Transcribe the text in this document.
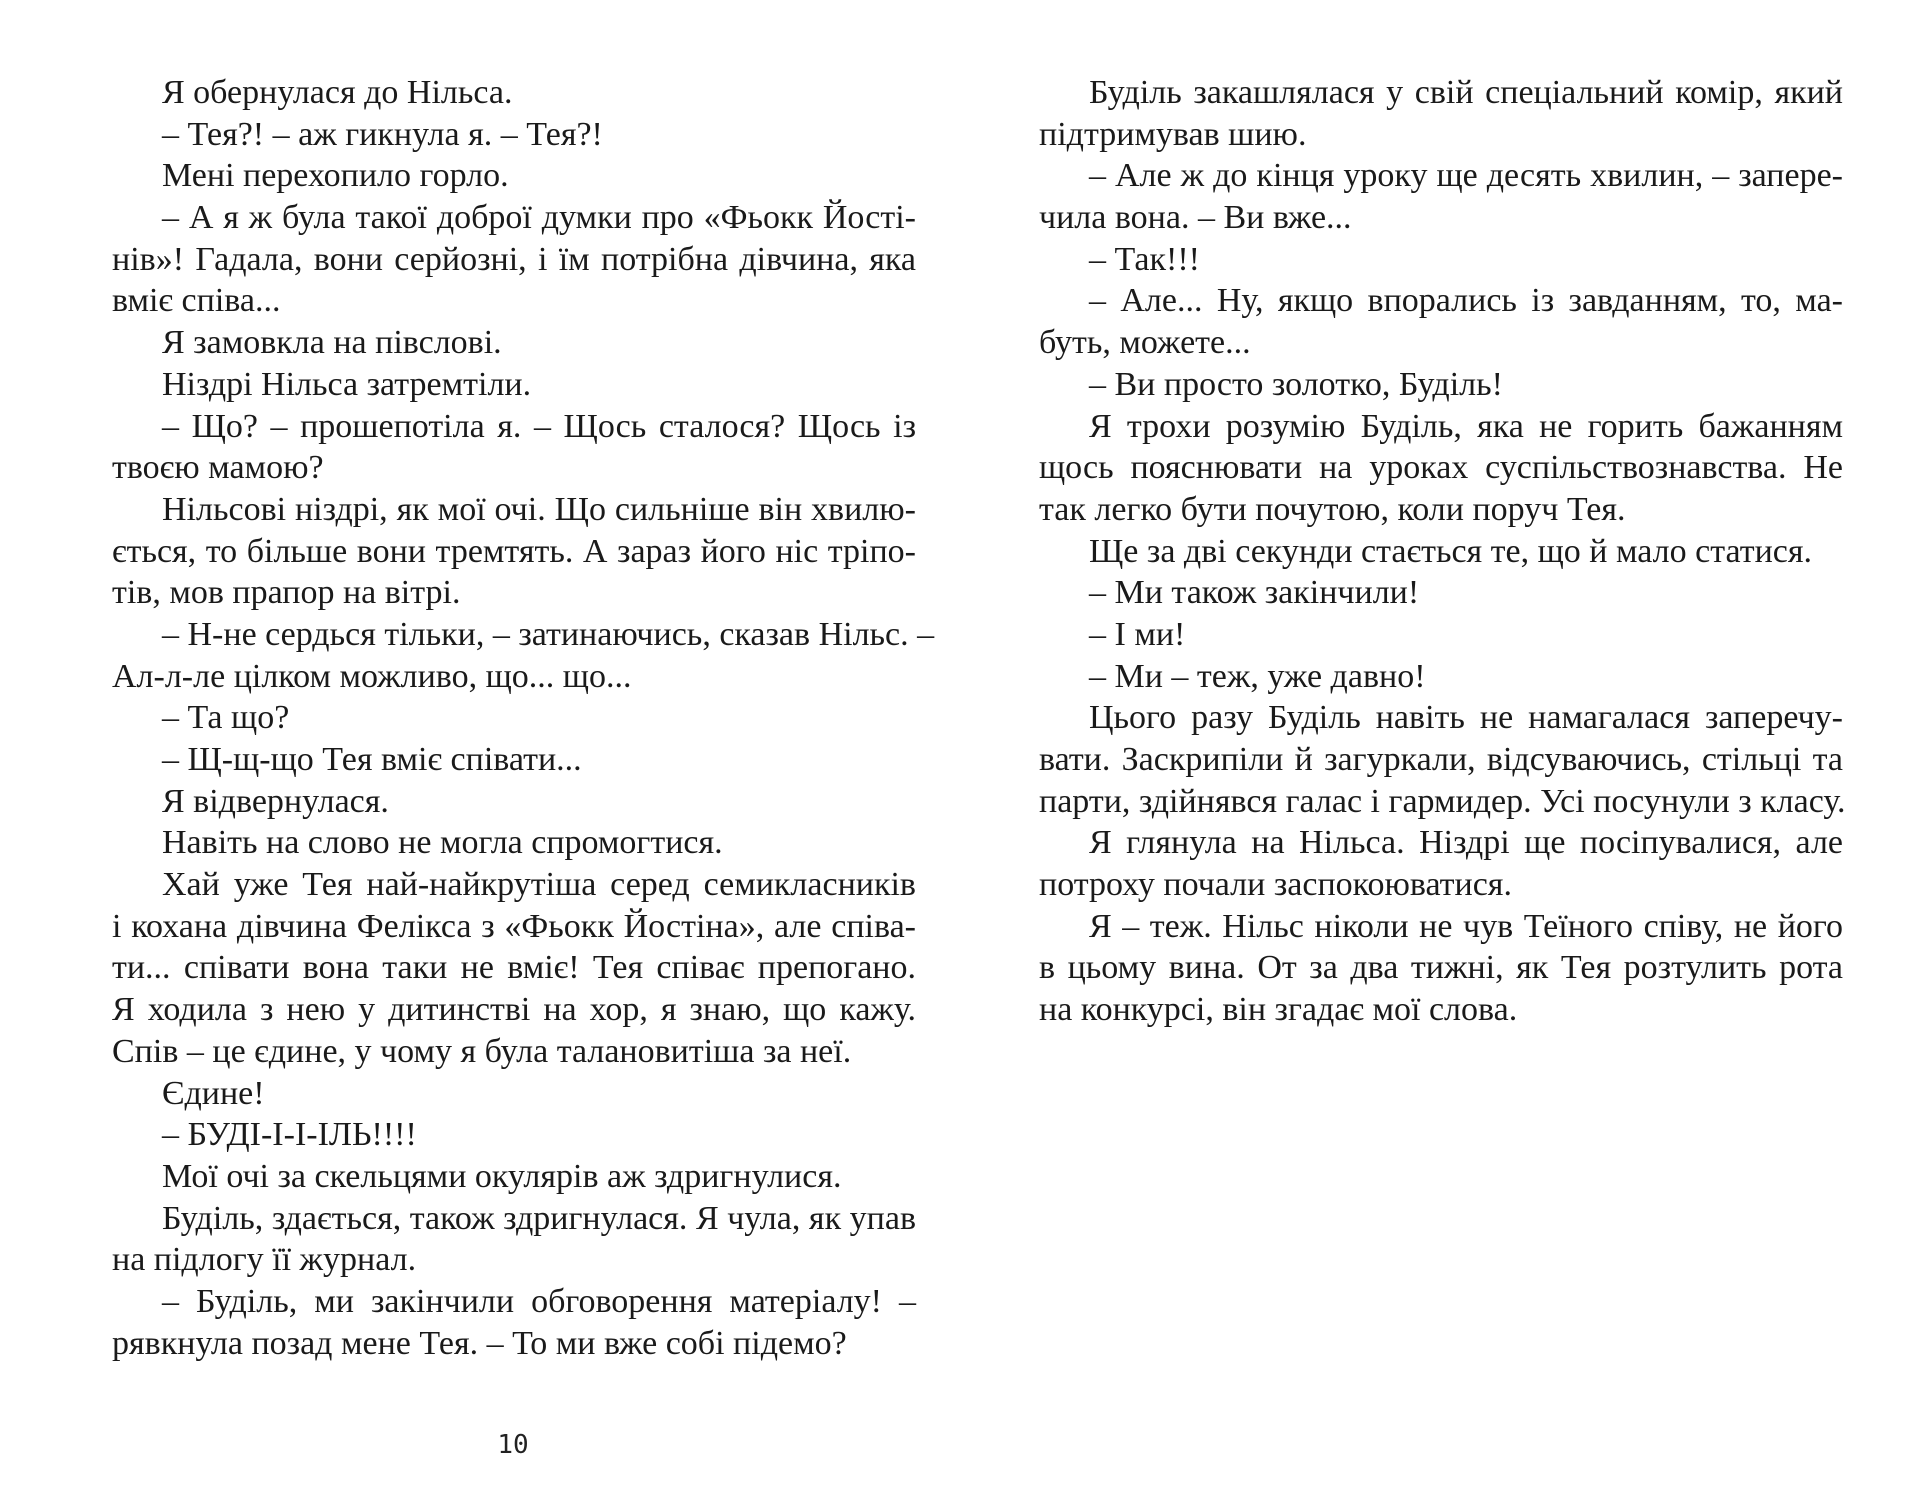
Я обернулася до Нільса.
– Тея?! – аж гикнула я. – Тея?!
Мені перехопило горло.
– А я ж була такої доброї думки про «Фьокк Йості-
нів»! Гадала, вони серйозні, і їм потрібна дівчина, яка
вміє співа...
Я замовкла на півслові.
Ніздрі Нільса затремтіли.
– Що? – прошепотіла я. – Щось сталося? Щось із
твоєю мамою?
Нільсові ніздрі, як мої очі. Що сильніше він хвилю-
ється, то більше вони тремтять. А зараз його ніс тріпо-
тів, мов прапор на вітрі.
– Н-не сердься тільки, – затинаючись, сказав Нільс. –
Ал-л-ле цілком можливо, що... що...
– Та що?
– Щ-щ-що Тея вміє співати...
Я відвернулася.
Навіть на слово не могла спромогтися.
Хай уже Тея най-найкрутіша серед семикласників
і кохана дівчина Фелікса з «Фьокк Йостіна», але співа-
ти... співати вона таки не вміє! Тея співає препогано.
Я ходила з нею у дитинстві на хор, я знаю, що кажу.
Спів – це єдине, у чому я була талановитіша за неї.
Єдине!
– БУДІ-І-І-ІЛЬ!!!!
Мої очі за скельцями окулярів аж здригнулися.
Буділь, здається, також здригнулася. Я чула, як упав
на підлогу її журнал.
– Буділь, ми закінчили обговорення матеріалу! –
рявкнула позад мене Тея. – То ми вже собі підемо?
Буділь закашлялася у свій спеціальний комір, який
підтримував шию.
– Але ж до кінця уроку ще десять хвилин, – запере-
чила вона. – Ви вже...
– Так!!!
– Але... Ну, якщо впорались із завданням, то, ма-
буть, можете...
– Ви просто золотко, Буділь!
Я трохи розумію Буділь, яка не горить бажанням
щось пояснювати на уроках суспільствознавства. Не
так легко бути почутою, коли поруч Тея.
Ще за дві секунди стається те, що й мало статися.
– Ми також закінчили!
– І ми!
– Ми – теж, уже давно!
Цього разу Буділь навіть не намагалася заперечу-
вати. Заскрипіли й загуркали, відсуваючись, стільці та
парти, здійнявся галас і гармидер. Усі посунули з класу.
Я глянула на Нільса. Ніздрі ще посіпувалися, але
потроху почали заспокоюватися.
Я – теж. Нільс ніколи не чув Теїного співу, не його
в цьому вина. От за два тижні, як Тея розтулить рота
на конкурсі, він згадає мої слова.
10
